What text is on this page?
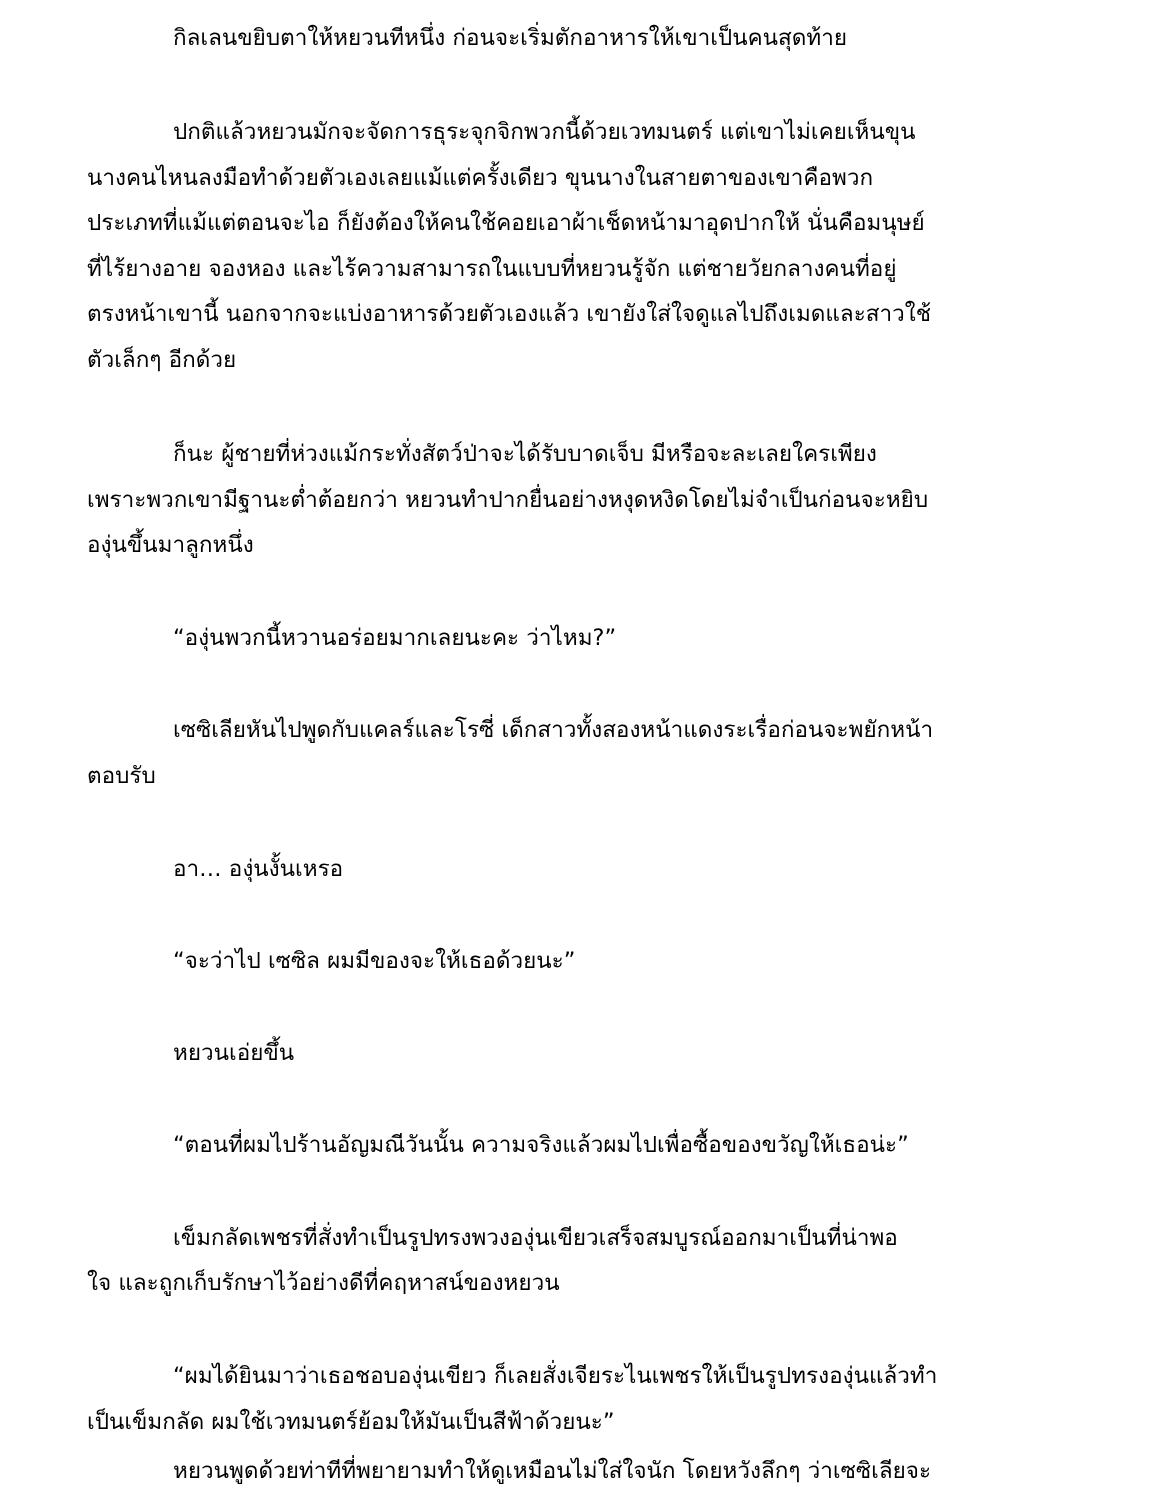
กิลเลนขยิบตาให้หยวนทีหนึ่ง ก่อนจะเริ่มตักอาหารให้เขาเป็นคนสุดท้าย
ปกติแล้วหยวนมักจะจัดการธุระจุกจิกพวกนี้ด้วยเวทมนตร์ แต่เขาไม่เคยเห็นขุน
นางคนไหนลงมือทำด้วยตัวเองเลยแม้แต่ครั้งเดียว ขุนนางในสายตาของเขาคือพวก
ประเภทที่แม้แต่ตอนจะไอ ก็ยังต้องให้คนใช้คอยเอาผ้าเช็ดหน้ามาอุดปากให้ นั่นคือมนุษย์
ที่ไร้ยางอาย จองหอง และไร้ความสามารถในแบบที่หยวนรู้จัก แต่ชายวัยกลางคนที่อยู่
ตรงหน้าเขานี้ นอกจากจะแบ่งอาหารด้วยตัวเองแล้ว เขายังใส่ใจดูแลไปถึงเมดและสาวใช้
ตัวเล็กๆ อีกด้วย
ก็นะ ผู้ชายที่ห่วงแม้กระทั่งสัตว์ป่าจะได้รับบาดเจ็บ มีหรือจะละเลยใครเพียง
เพราะพวกเขามีฐานะต่ำต้อยกว่า หยวนทำปากยื่นอย่างหงุดหงิดโดยไม่จำเป็นก่อนจะหยิบ
องุ่นขึ้นมาลูกหนึ่ง
“องุ่นพวกนี้หวานอร่อยมากเลยนะคะ ว่าไหม?”
เซซิเลียหันไปพูดกับแคลร์และโรซี่ เด็กสาวทั้งสองหน้าแดงระเรื่อก่อนจะพยักหน้า
ตอบรับ
อา… องุ่นงั้นเหรอ
“จะว่าไป เซซิล ผมมีของจะให้เธอด้วยนะ”
หยวนเอ่ยขึ้น
“ตอนที่ผมไปร้านอัญมณีวันนั้น ความจริงแล้วผมไปเพื่อซื้อของขวัญให้เธอน่ะ”
เข็มกลัดเพชรที่สั่งทำเป็นรูปทรงพวงองุ่นเขียวเสร็จสมบูรณ์ออกมาเป็นที่น่าพอ
ใจ และถูกเก็บรักษาไว้อย่างดีที่คฤหาสน์ของหยวน
“ผมได้ยินมาว่าเธอชอบองุ่นเขียว ก็เลยสั่งเจียระไนเพชรให้เป็นรูปทรงองุ่นแล้วทำ
เป็นเข็มกลัด ผมใช้เวทมนตร์ย้อมให้มันเป็นสีฟ้าด้วยนะ”
หยวนพูดด้วยท่าทีที่พยายามทำให้ดูเหมือนไม่ใส่ใจนัก โดยหวังลึกๆ ว่าเซซิเลียจะ
